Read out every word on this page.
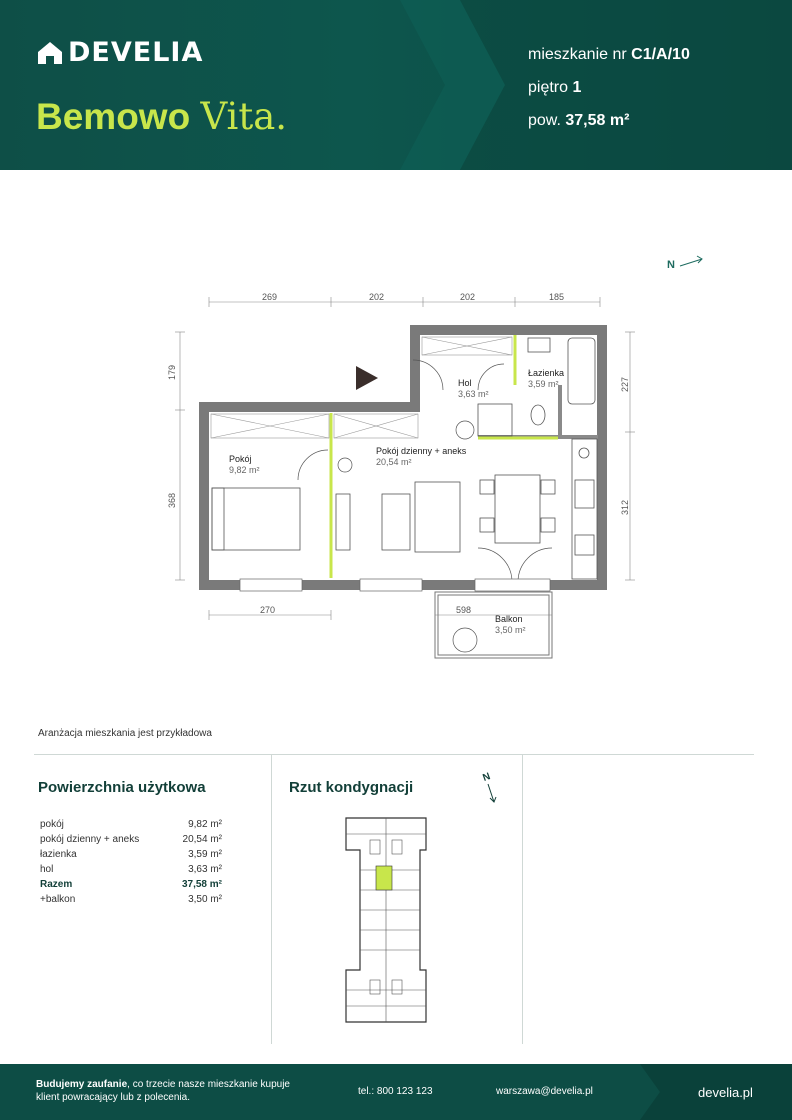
DEVELIA
Bemowo Vita.
mieszkanie nr C1/A/10
piętro 1
pow. 37,58 m²
269	202	202	185
179
368
227
312
270	598
Pokój
9,82 m²
Pokój dzienny + aneks
20,54 m²
Hol
3,63 m²
Łazienka
3,59 m²
Balkon
3,50 m²
N
Aranżacja mieszkania jest przykładowa
Powierzchnia użytkowa
pokój	9,82 m²
pokój dzienny + aneks	20,54 m²
łazienka	3,59 m²
hol	3,63 m²
Razem	37,58 m²
+balkon	3,50 m²
Rzut kondygnacji
N
Budujemy zaufanie, co trzecie nasze mieszkanie kupuje klient powracający lub z polecenia.
tel.: 800 123 123	warszawa@develia.pl	develia.pl
